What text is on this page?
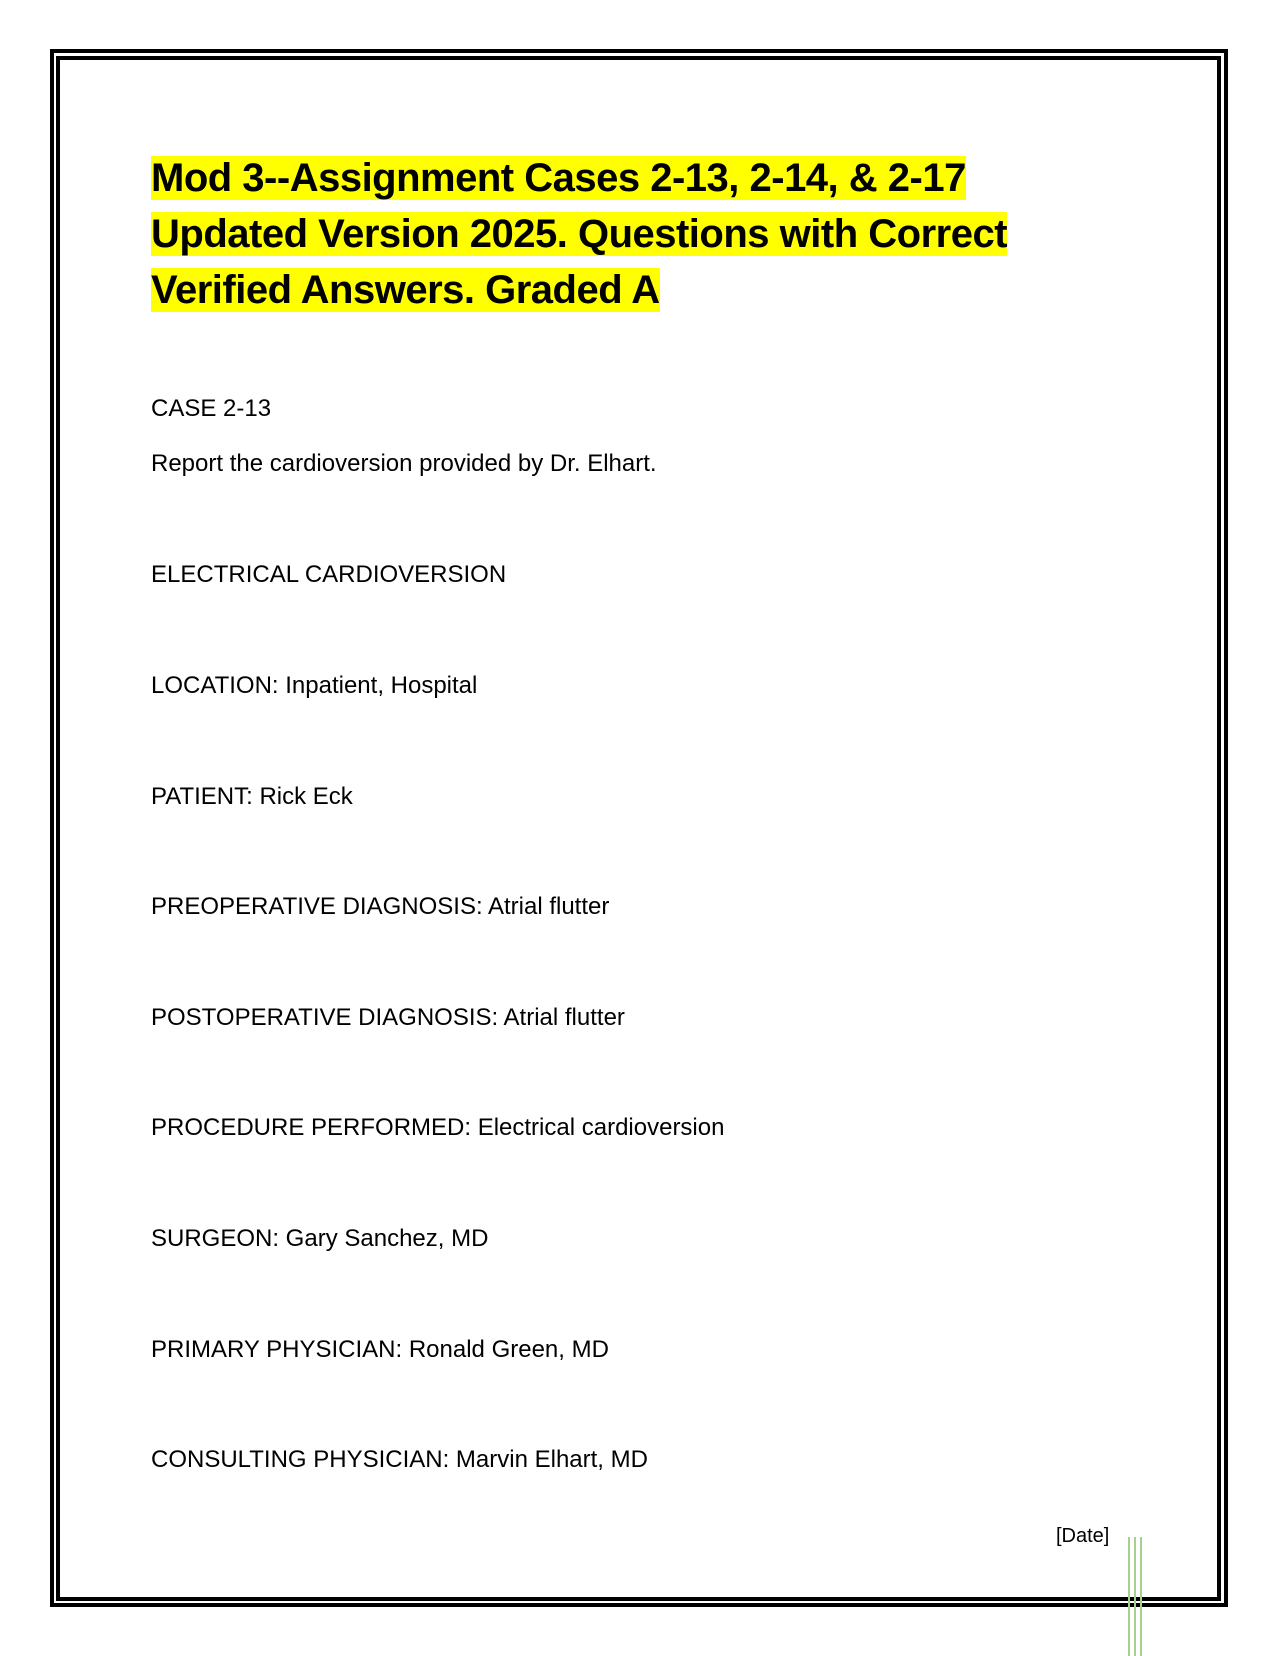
Mod 3--Assignment Cases 2-13, 2-14, & 2-17
Updated Version 2025. Questions with Correct
Verified Answers. Graded A

CASE 2-13

Report the cardioversion provided by Dr. Elhart.

ELECTRICAL CARDIOVERSION

LOCATION: Inpatient, Hospital

PATIENT: Rick Eck

PREOPERATIVE DIAGNOSIS: Atrial flutter

POSTOPERATIVE DIAGNOSIS: Atrial flutter

PROCEDURE PERFORMED: Electrical cardioversion

SURGEON: Gary Sanchez, MD

PRIMARY PHYSICIAN: Ronald Green, MD

CONSULTING PHYSICIAN: Marvin Elhart, MD

[Date]
